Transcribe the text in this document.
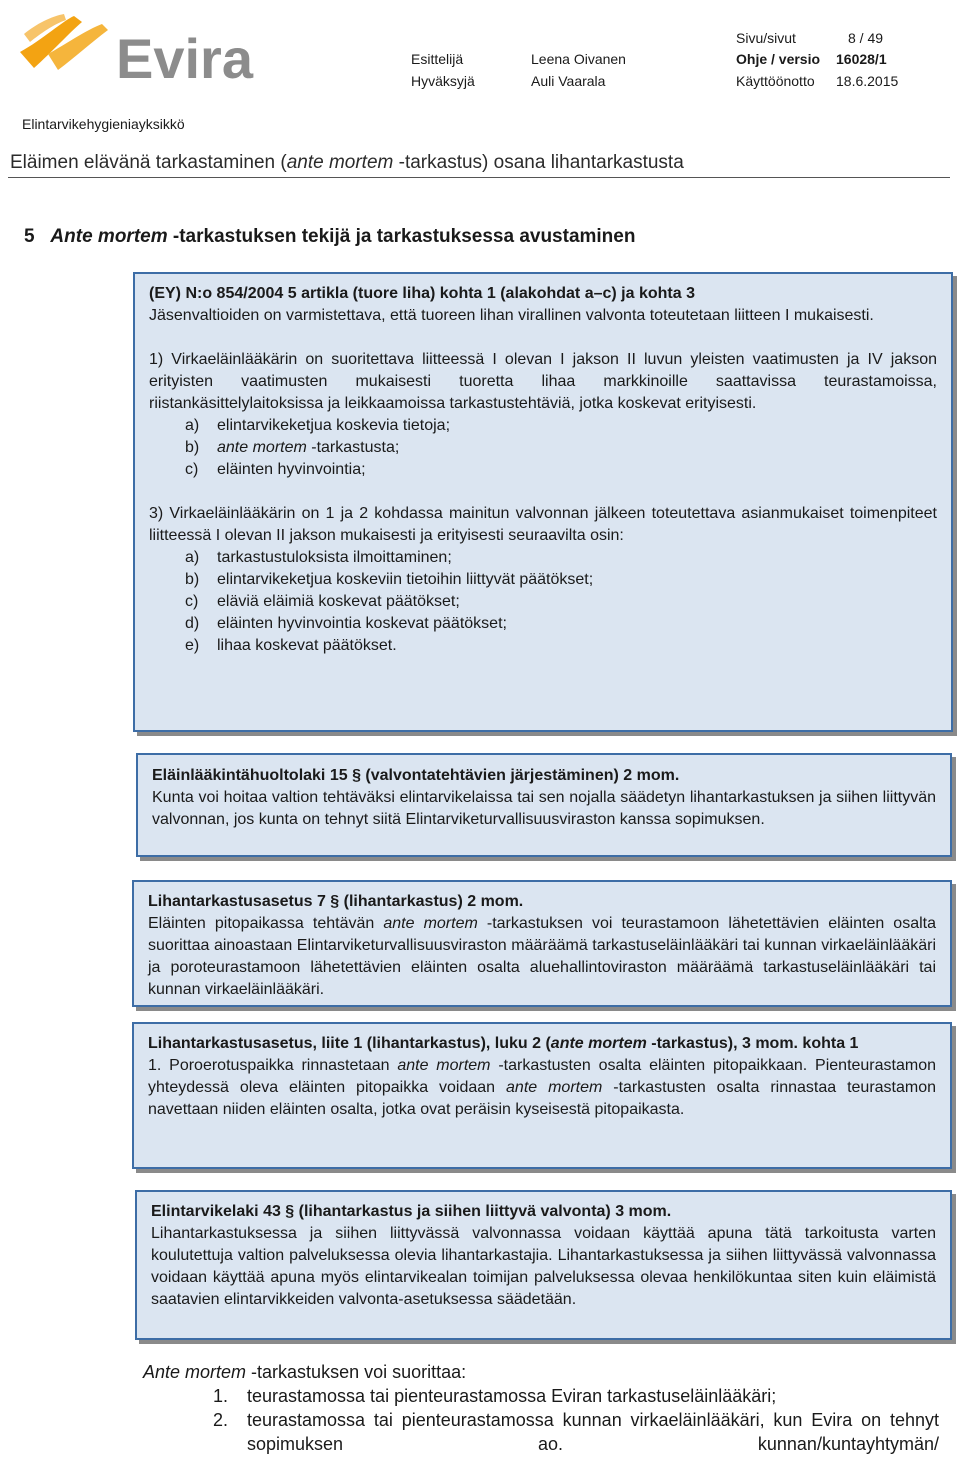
Evira	Sivu/sivut	8 / 49
Esittelijä	Leena Oivanen	Ohje / versio 16028/1
Hyväksyjä	Auli Vaarala	Käyttöönotto 18.6.2015
Elintarvikehygieniayksikkö
Eläimen elävänä tarkastaminen (ante mortem -tarkastus) osana lihantarkastusta
5 Ante mortem -tarkastuksen tekijä ja tarkastuksessa avustaminen

(EY) N:o 854/2004 5 artikla (tuore liha) kohta 1 (alakohdat a–c) ja kohta 3

Jäsenvaltioiden on varmistettava, että tuoreen lihan virallinen valvonta toteutetaan liitteen I mukaisesti.

1) Virkaeläinlääkärin on suoritettava liitteessä I olevan I jakson II luvun yleisten vaatimusten ja IV jakson erityisten vaatimusten mukaisesti tuoretta lihaa markkinoille saattavissa teurastamoissa, riistankäsittelylaitoksissa ja leikkaamoissa tarkastustehtäviä, jotka koskevat erityisesti.

a) elintarvikeketjua koskevia tietoja;

b) ante mortem -tarkastusta;

c) eläinten hyvinvointia;

3) Virkaeläinlääkärin on 1 ja 2 kohdassa mainitun valvonnan jälkeen toteutettava asianmukaiset toimenpiteet liitteessä I olevan II jakson mukaisesti ja erityisesti seuraavilta osin:

a) tarkastustuloksista ilmoittaminen;

b) elintarvikeketjua koskeviin tietoihin liittyvät päätökset;

c) eläviä eläimiä koskevat päätökset;

d) eläinten hyvinvointia koskevat päätökset;

e) lihaa koskevat päätökset.

Eläinlääkintähuoltolaki 15 § (valvontatehtävien järjestäminen) 2 mom.

Kunta voi hoitaa valtion tehtäväksi elintarvikelaissa tai sen nojalla säädetyn lihantarkastuksen ja siihen liittyvän valvonnan, jos kunta on tehnyt siitä Elintarviketurvallisuusviraston kanssa sopimuksen.

Lihantarkastusasetus 7 § (lihantarkastus) 2 mom.

Eläinten pitopaikassa tehtävän ante mortem -tarkastuksen voi teurastamoon lähetettävien eläinten osalta suorittaa ainoastaan Elintarviketurvallisuusviraston määräämä tarkastuseläinlääkäri tai kunnan virkaeläinlääkäri ja poroteurastamoon lähetettävien eläinten osalta aluehallintoviraston määräämä tarkastuseläinlääkäri tai kunnan virkaeläinlääkäri.

Lihantarkastusasetus, liite 1 (lihantarkastus), luku 2 (ante mortem -tarkastus), 3 mom. kohta 1

1. Poroerotuspaikka rinnastetaan ante mortem -tarkastusten osalta eläinten pitopaikkaan. Pienteurastamon yhteydessä oleva eläinten pitopaikka voidaan ante mortem -tarkastusten osalta rinnastaa teurastamon navettaan niiden eläinten osalta, jotka ovat peräisin kyseisestä pitopaikasta.

Elintarvikelaki 43 § (lihantarkastus ja siihen liittyvä valvonta) 3 mom.

Lihantarkastuksessa ja siihen liittyvässä valvonnassa voidaan käyttää apuna tätä tarkoitusta varten koulutettuja valtion palveluksessa olevia lihantarkastajia. Lihantarkastuksessa ja siihen liittyvässä valvonnassa voidaan käyttää apuna myös elintarvikealan toimijan palveluksessa olevaa henkilökuntaa siten kuin eläimistä saatavien elintarvikkeiden valvonta-asetuksessa säädetään.

Ante mortem -tarkastuksen voi suorittaa:

1. teurastamossa tai pienteurastamossa Eviran tarkastuseläinlääkäri;

2. teurastamossa tai pienteurastamossa kunnan virkaeläinlääkäri, kun Evira on tehnyt sopimuksen ao. kunnan/kuntayhtymän/
